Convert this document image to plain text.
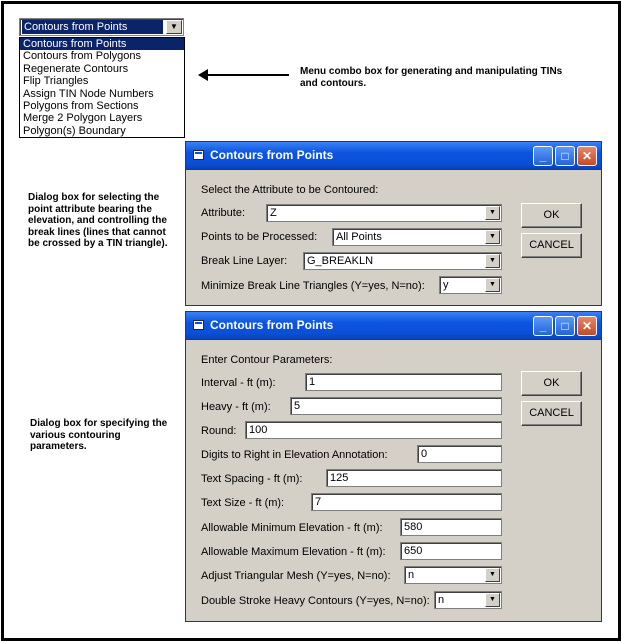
Contours from Points	▼
Contours from Points
Contours from Polygons
Regenerate Contours
Flip Triangles
Assign TIN Node Numbers
Polygons from Sections
Merge 2 Polygon Layers
Polygon(s) Boundary
Menu combo box for generating and manipulating TINs and contours.
Dialog box for selecting the point attribute bearing the elevation, and controlling the break lines (lines that cannot be crossed by a TIN triangle).
Dialog box for specifying the various contouring parameters.
Contours from Points	_	□	✕
Select the Attribute to be Contoured:
Attribute:	Z	▼
Points to be Processed:	All Points	▼
Break Line Layer:	G_BREAKLN	▼
Minimize Break Line Triangles (Y=yes, N=no):	y	▼
OK
CANCEL
Contours from Points	_	□	✕
Enter Contour Parameters:
Interval - ft (m):	1
Heavy - ft (m):	5
Round:	100
Digits to Right in Elevation Annotation:	0
Text Spacing - ft (m):	125
Text Size - ft (m):	7
Allowable Minimum Elevation - ft (m):	580
Allowable Maximum Elevation - ft (m):	650
Adjust Triangular Mesh (Y=yes, N=no):	n	▼
Double Stroke Heavy Contours (Y=yes, N=no): n	▼
OK
CANCEL
